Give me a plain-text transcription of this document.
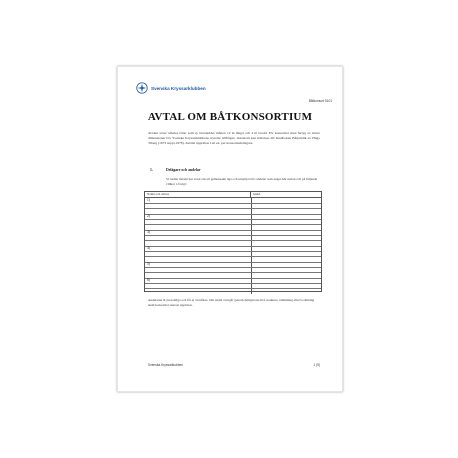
Svenska Kryssarklubben
Båtkonsort 0101
AVTAL OM BÅTKONSORTIUM
Avtalet avser således båtar som ej överskrider måtten 12 m längd och 4 m bredd. För konsortier med fartyg av större dimensioner bör Svenska Kryssarklubbens styrelse tillfrågas; dessutom kan hänvisas till handboken Båtjuridik av Hugo Tiberg (1973 suppl.1976). Avtalet upprättas i ett ex. per konsortiedeltagare.
1.	Delägare och andelar
Vi nedan listade har avtal om att gemensamt äga och utnyttja båt i andelar som anges här nedan och på följande villkor i övrigt:
Namn och adress	Andel
1)
2)
3)
4)
5)
6)
Andelarna är personliga och får ej överlåtas. Om andel övergår genom delägarens död, konkurs, utmätning eller bodelning skall konsortiet snarast upplösas.
Svenska Kryssarklubben	1 (9)
